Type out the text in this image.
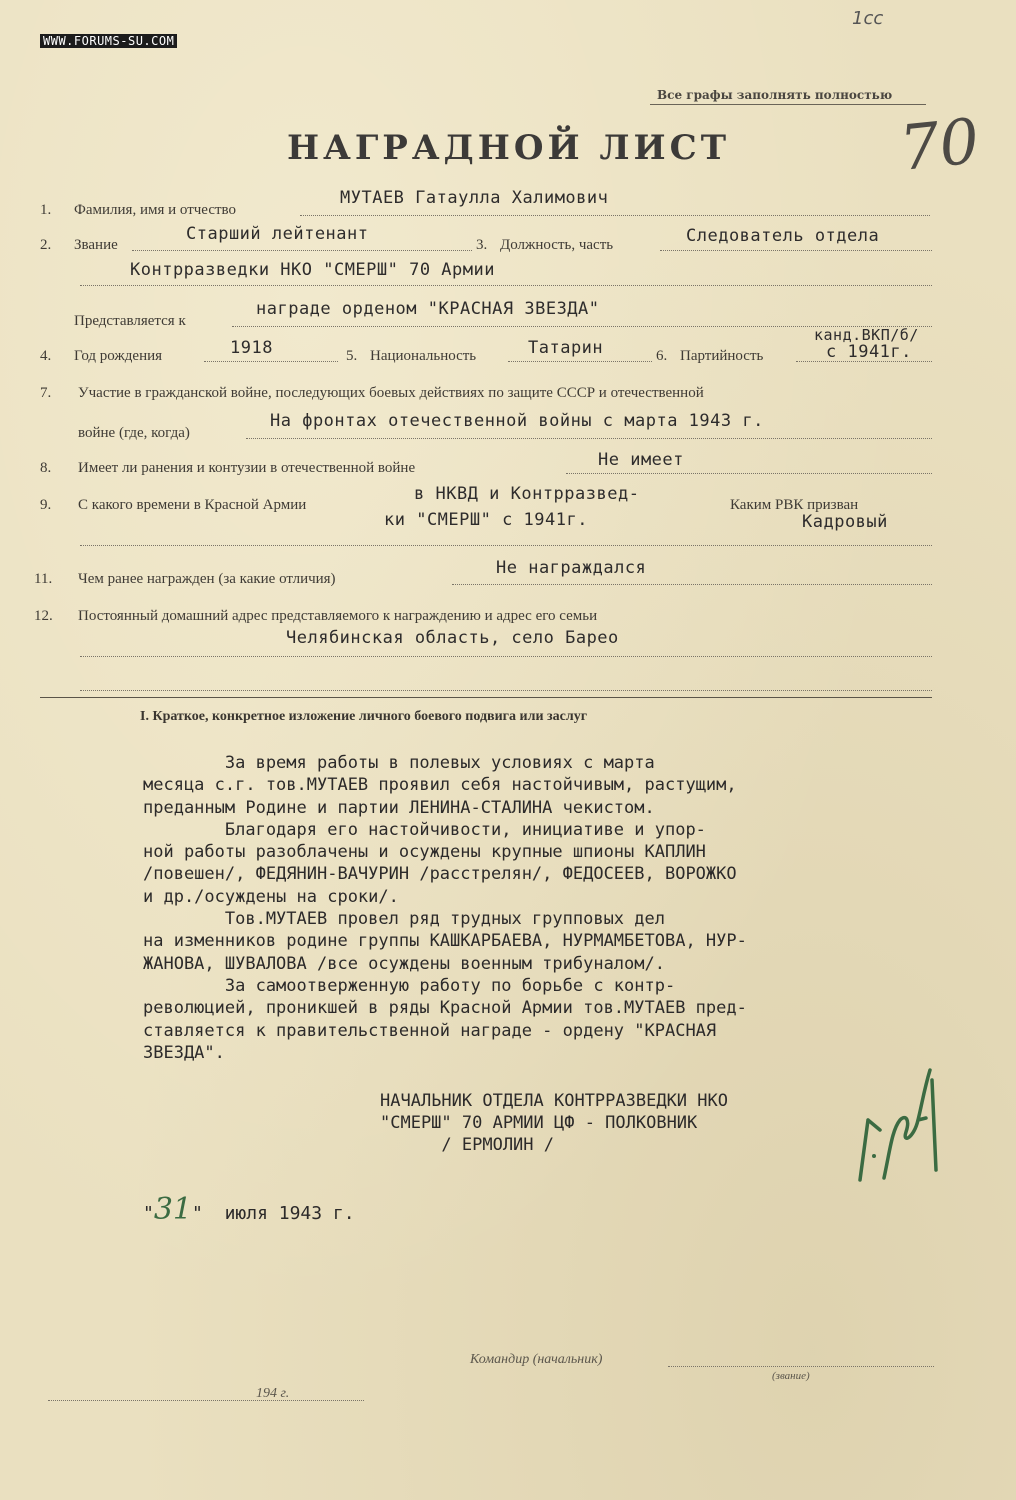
WWW.FORUMS-SU.COM
1cc
70
Все графы заполнять полностью
НАГРАДНОЙ ЛИСТ
1. Фамилия, имя и отчество
МУТАЕВ Гатаулла Халимович
2. Звание
Старший лейтенант
3. Должность, часть	Следователь отдела
Контрразведки НКО "СМЕРШ" 70 Армии
Представляется к
награде орденом "КРАСНАЯ ЗВЕЗДА"
4. Год рождения	1918	5. Национальность	Татарин	6. Партийность
канд.ВКП/б/
с 1941г.
7. Участие в гражданской войне, последующих боевых действиях по защите СССР и отечественной
войне (где, когда)
На фронтах отечественной войны с марта 1943 г.
8. Имеет ли ранения и контузии в отечественной войне	Не имеет
9. С какого времени в Красной Армии
в НКВД и Контрразвед-
ки "СМЕРШ" с 1941г.
Каким РВК призван
Кадровый
11. Чем ранее награжден (за какие отличия)
Не награждался
12. Постоянный домашний адрес представляемого к награждению и адрес его семьи
Челябинская область, село Барео
I. Краткое, конкретное изложение личного боевого подвига или заслуг
За время работы в полевых условиях с марта
месяца с.г. тов.МУТАЕВ проявил себя настойчивым, растущим,
преданным Родине и партии ЛЕНИНА-СТАЛИНА чекистом.
Благодаря его настойчивости, инициативе и упор-
ной работы разоблачены и осуждены крупные шпионы КАПЛИН
/повешен/, ФЕДЯНИН-ВАЧУРИН /расстрелян/, ФЕДОСЕЕВ, ВОРОЖКО
и др./осуждены на сроки/.
Тов.МУТАЕВ провел ряд трудных групповых дел
на изменников родине группы КАШКАРБАЕВА, НУРМАМБЕТОВА, НУР-
ЖАНОВА, ШУВАЛОВА /все осуждены военным трибуналом/.
За самоотверженную работу по борьбе с контр-
революцией, проникшей в ряды Красной Армии тов.МУТАЕВ пред-
ставляется к правительственной награде - ордену "КРАСНАЯ
ЗВЕЗДА".
НАЧАЛЬНИК ОТДЕЛА КОНТРРАЗВЕДКИ НКО
"СМЕРШ" 70 АРМИИ ЦФ - ПОЛКОВНИК
/ ЕРМОЛИН /
"31" июля 1943 г.
Командир (начальник)
(звание)
194 г.
